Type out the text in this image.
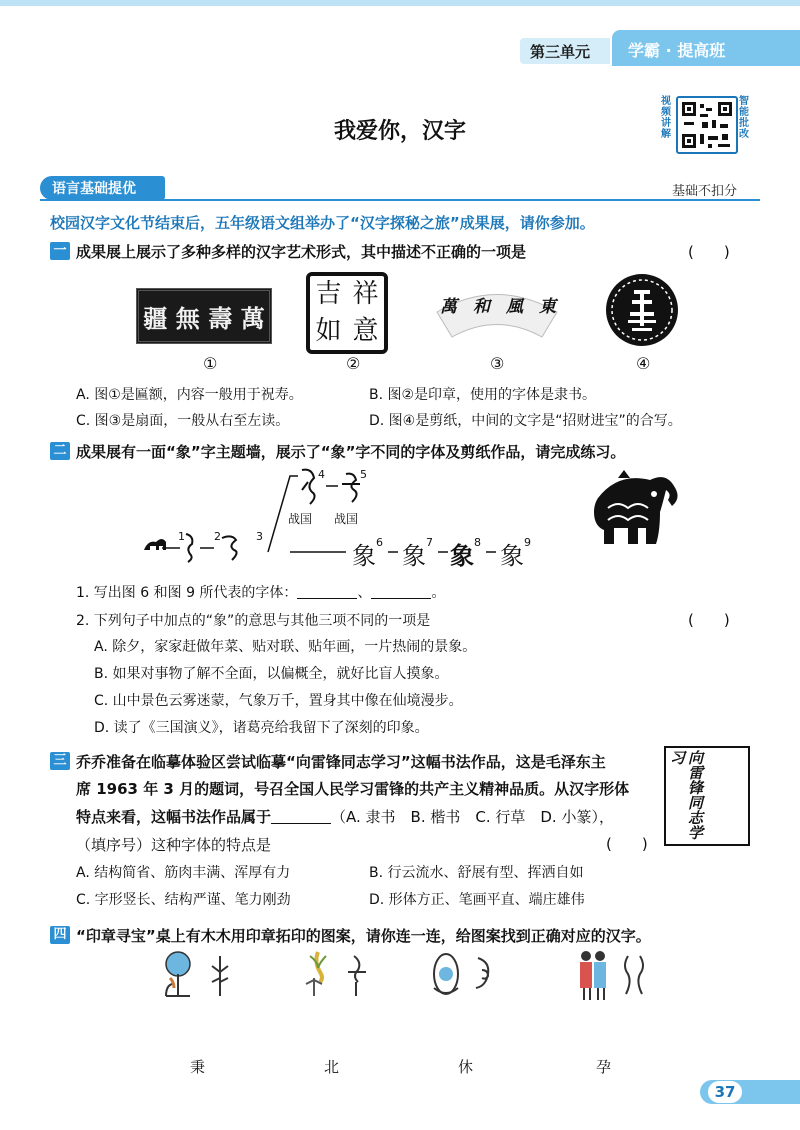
第三单元 学霸 · 提高班
我爱你，汉字
视频讲解
智能批改
语言基础提优	基础不扣分
校园汉字文化节结束后，五年级语文组举办了“汉字探秘之旅”成果展，请你参加。
一 成果展上展示了多种多样的汉字艺术形式，其中描述不正确的一项是	(　　)
疆 無 壽 萬
吉 祥
如 意
萬 和 風 東
①	②	③	④
A. 图①是匾额，内容一般用于祝寿。	B. 图②是印章，使用的字体是隶书。
C. 图③是扇面，一般从右至左读。	D. 图④是剪纸，中间的文字是“招财进宝”的合写。
二 成果展有一面“象”字主题墙，展示了“象”字不同的字体及剪纸作品，请完成练习。
1	2	3
4	5
6	7	8	9
战国 战国
象 象 象 象
1. 写出图 6 和图 9 所代表的字体：	、	。
2. 下列句子中加点的“象”的意思与其他三项不同的一项是	(　　)
A. 除夕，家家赶做年菜、贴对联、贴年画，一片热闹的景象。
B. 如果对事物了解不全面，以偏概全，就好比盲人摸象。
C. 山中景色云雾迷蒙，气象万千，置身其中像在仙境漫步。
D. 读了《三国演义》，诸葛亮给我留下了深刻的印象。
三 乔乔准备在临摹体验区尝试临摹“向雷锋同志学习”这幅书法作品，这是毛泽东主
席 1963 年 3 月的题词，号召全国人民学习雷锋的共产主义精神品质。从汉字形体
特点来看，这幅书法作品属于	（A. 隶书　B. 楷书　C. 行草　D. 小篆），
（填序号）这种字体的特点是	(　　)
向雷锋同志学习
A. 结构简省、筋肉丰满、浑厚有力	B. 行云流水、舒展有型、挥洒自如
C. 字形竖长、结构严谨、笔力刚劲	D. 形体方正、笔画平直、端庄雄伟
四 “印章寻宝”桌上有木木用印章拓印的图案，请你连一连，给图案找到正确对应的汉字。
秉	北	休	孕
37
